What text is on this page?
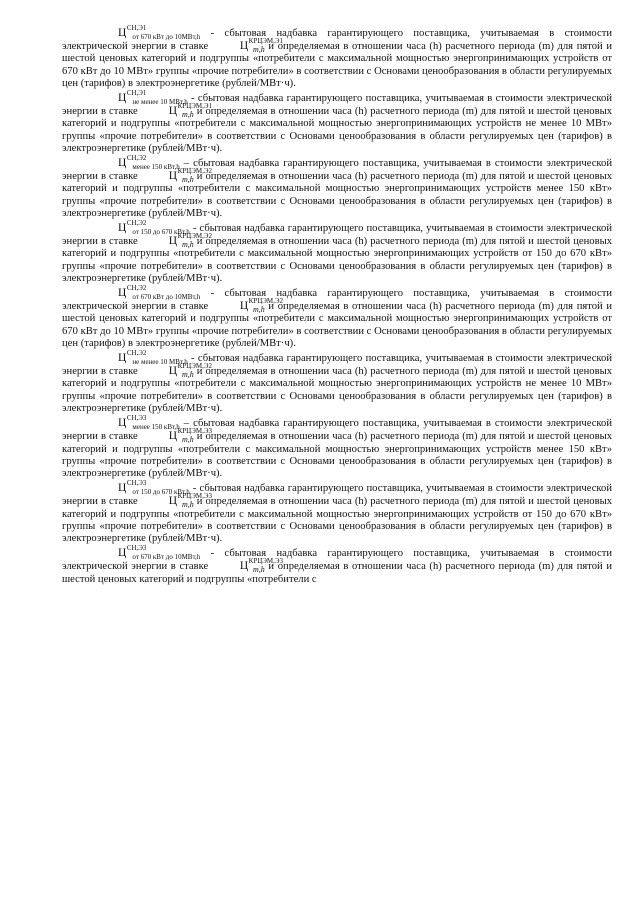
$Ц^{СН,Э1}_{от 670 кВт до 10МВт,h}$ - сбытовая надбавка гарантирующего поставщика, учитываемая в стоимости электрической энергии в ставке	$Ц^{КРЦЭМ,Э1}_{m,h}$ и определяемая в отношении часа (h) расчетного периода (m) для пятой и шестой ценовых категорий и подгруппы «потребители с максимальной мощностью энергопринимающих устройств от 670 кВт до 10 МВт» группы «прочие потребители» в соответствии с Основами ценообразования в области регулируемых цен (тарифов) в электроэнергетике (рублей/МВт·ч).

$Ц^{СН,Э1}_{не менее 10 МВт,h}$ - сбытовая надбавка гарантирующего поставщика, учитываемая в стоимости электрической энергии в ставке	$Ц^{КРЦЭМ,Э1}_{m,h}$ и определяемая в отношении часа (h) расчетного периода (m) для пятой и шестой ценовых категорий и подгруппы «потребители с максимальной мощностью энергопринимающих устройств не менее 10 МВт» группы «прочие потребители» в соответствии с Основами ценообразования в области регулируемых цен (тарифов) в электроэнергетике (рублей/МВт·ч).

$Ц^{СН,Э2}_{менее 150 кВт,h}$ – сбытовая надбавка гарантирующего поставщика, учитываемая в стоимости электрической энергии в ставке	$Ц^{КРЦЭМ,Э2}_{m,h}$ и определяемая в отношении часа (h) расчетного периода (m) для пятой и шестой ценовых категорий и подгруппы «потребители с максимальной мощностью энергопринимающих устройств менее 150 кВт» группы «прочие потребители» в соответствии с Основами ценообразования в области регулируемых цен (тарифов) в электроэнергетике (рублей/МВт·ч).

$Ц^{СН,Э2}_{от 150 до 670 кВт,h}$ - сбытовая надбавка гарантирующего поставщика, учитываемая в стоимости электрической энергии в ставке	$Ц^{КРЦЭМ,Э2}_{m,h}$ и определяемая в отношении часа (h) расчетного периода (m) для пятой и шестой ценовых категорий и подгруппы «потребители с максимальной мощностью энергопринимающих устройств от 150 до 670 кВт» группы «прочие потребители» в соответствии с Основами ценообразования в области регулируемых цен (тарифов) в электроэнергетике (рублей/МВт·ч).

$Ц^{СН,Э2}_{от 670 кВт до 10МВт,h}$ - сбытовая надбавка гарантирующего поставщика, учитываемая в стоимости электрической энергии в ставке	$Ц^{КРЦЭМ,Э2}_{m,h}$ и определяемая в отношении часа (h) расчетного периода (m) для пятой и шестой ценовых категорий и подгруппы «потребители с максимальной мощностью энергопринимающих устройств от 670 кВт до 10 МВт» группы «прочие потребители» в соответствии с Основами ценообразования в области регулируемых цен (тарифов) в электроэнергетике (рублей/МВт·ч).

$Ц^{СН,Э2}_{не менее 10 МВт,h}$ - сбытовая надбавка гарантирующего поставщика, учитываемая в стоимости электрической энергии в ставке	$Ц^{КРЦЭМ,Э2}_{m,h}$ и определяемая в отношении часа (h) расчетного периода (m) для пятой и шестой ценовых категорий и подгруппы «потребители с максимальной мощностью энергопринимающих устройств не менее 10 МВт» группы «прочие потребители» в соответствии с Основами ценообразования в области регулируемых цен (тарифов) в электроэнергетике (рублей/МВт·ч).

$Ц^{СН,Э3}_{менее 150 кВт,h}$ – сбытовая надбавка гарантирующего поставщика, учитываемая в стоимости электрической энергии в ставке	$Ц^{КРЦЭМ,Э3}_{m,h}$ и определяемая в отношении часа (h) расчетного периода (m) для пятой и шестой ценовых категорий и подгруппы «потребители с максимальной мощностью энергопринимающих устройств менее 150 кВт» группы «прочие потребители» в соответствии с Основами ценообразования в области регулируемых цен (тарифов) в электроэнергетике (рублей/МВт·ч).

$Ц^{СН,Э3}_{от 150 до 670 кВт,h}$ - сбытовая надбавка гарантирующего поставщика, учитываемая в стоимости электрической энергии в ставке	$Ц^{КРЦЭМ,Э3}_{m,h}$ и определяемая в отношении часа (h) расчетного периода (m) для пятой и шестой ценовых категорий и подгруппы «потребители с максимальной мощностью энергопринимающих устройств от 150 до 670 кВт» группы «прочие потребители» в соответствии с Основами ценообразования в области регулируемых цен (тарифов) в электроэнергетике (рублей/МВт·ч).

$Ц^{СН,Э3}_{от 670 кВт до 10МВт,h}$ - сбытовая надбавка гарантирующего поставщика, учитываемая в стоимости электрической энергии в ставке	$Ц^{КРЦЭМ,Э3}_{m,h}$ и определяемая в отношении часа (h) расчетного периода (m) для пятой и шестой ценовых категорий и подгруппы «потребители с
